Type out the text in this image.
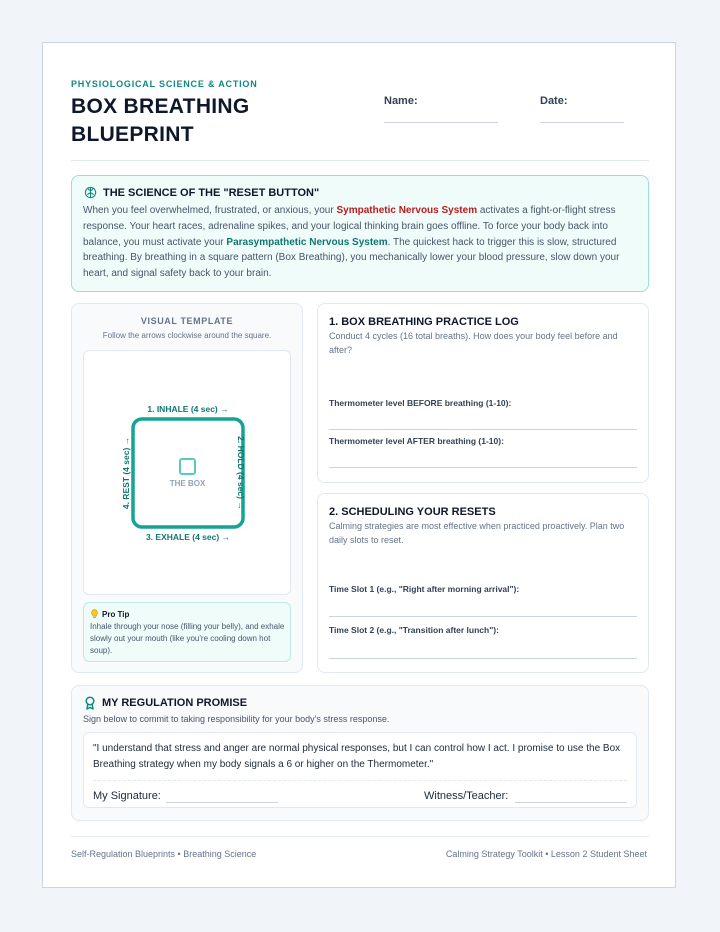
PHYSIOLOGICAL SCIENCE & ACTION
BOX BREATHING BLUEPRINT
Name:	Date:
THE SCIENCE OF THE "RESET BUTTON"
When you feel overwhelmed, frustrated, or anxious, your Sympathetic Nervous System activates a fight-or-flight stress response. Your heart races, adrenaline spikes, and your logical thinking brain goes offline. To force your body back into balance, you must activate your Parasympathetic Nervous System. The quickest hack to trigger this is slow, structured breathing. By breathing in a square pattern (Box Breathing), you mechanically lower your blood pressure, slow down your heart, and signal safety back to your brain.
VISUAL TEMPLATE
Follow the arrows clockwise around the square.
THE BOX
1. INHALE (4 sec) →
3. EXHALE (4 sec) →
2. HOLD (4 sec) →
4. REST (4 sec) →
Pro Tip
Inhale through your nose (filling your belly), and exhale slowly out your mouth (like you're cooling down hot soup).
1. BOX BREATHING PRACTICE LOG
Conduct 4 cycles (16 total breaths). How does your body feel before and after?
Thermometer level BEFORE breathing (1-10):
Thermometer level AFTER breathing (1-10):
2. SCHEDULING YOUR RESETS
Calming strategies are most effective when practiced proactively. Plan two daily slots to reset.
Time Slot 1 (e.g., "Right after morning arrival"):
Time Slot 2 (e.g., "Transition after lunch"):
MY REGULATION PROMISE
Sign below to commit to taking responsibility for your body's stress response.
"I understand that stress and anger are normal physical responses, but I can control how I act. I promise to use the Box Breathing strategy when my body signals a 6 or higher on the Thermometer."
My Signature:	Witness/Teacher:
Self-Regulation Blueprints • Breathing Science	Calming Strategy Toolkit • Lesson 2 Student Sheet
